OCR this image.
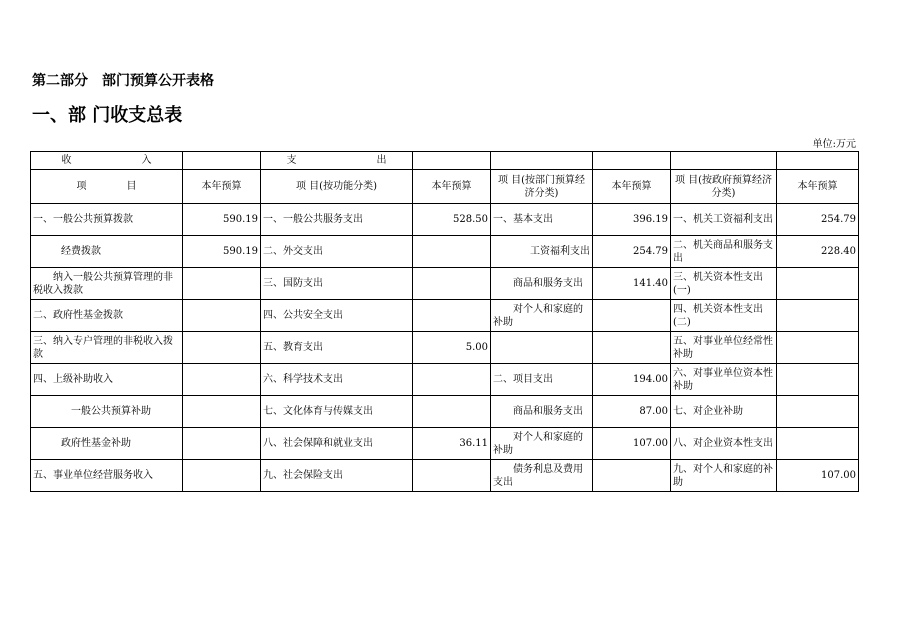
第二部分　部门预算公开表格
一、部 门收支总表
单位:万元
收　　　　　　　入		支　　　　　　　　出					
项　　　　目	本年预算	项 目(按功能分类)	本年预算	项 目(按部门预算经济分类)	本年预算	项 目(按政府预算经济分类)	本年预算
一、一般公共预算拨款	590.19	一、一般公共服务支出	528.50	一、基本支出	396.19	一、机关工资福利支出	254.79
经费拨款	590.19	二、外交支出		工资福利支出	254.79	二、机关商品和服务支出	228.40
纳入一般公共预算管理的非税收入拨款		三、国防支出		商品和服务支出	141.40	三、机关资本性支出(一)	
二、政府性基金拨款		四、公共安全支出		对个人和家庭的补助		四、机关资本性支出(二)	
三、纳入专户管理的非税收入拨款		五、教育支出	5.00			五、对事业单位经常性补助	
四、上级补助收入		六、科学技术支出		二、项目支出	194.00	六、对事业单位资本性补助	
一般公共预算补助		七、文化体育与传媒支出		商品和服务支出	87.00	七、对企业补助	
政府性基金补助		八、社会保障和就业支出	36.11	对个人和家庭的补助	107.00	八、对企业资本性支出	
五、事业单位经营服务收入		九、社会保险支出		债务利息及费用支出		九、对个人和家庭的补助	107.00
